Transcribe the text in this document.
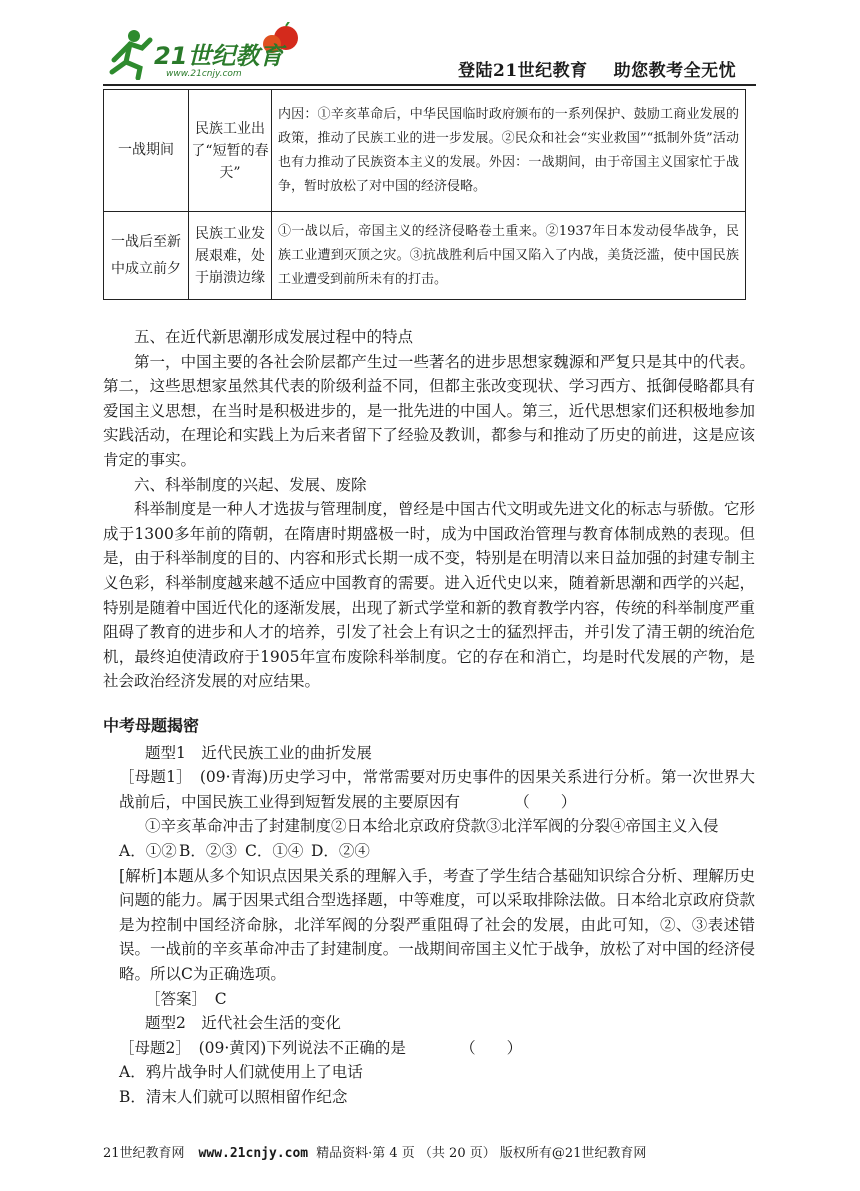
21世纪教育
www.21cnjy.com	登陆21世纪教育 助您教考全无忧
一战期间	民族工业出了“短暂的春天”	内因：①辛亥革命后，中华民国临时政府颁布的一系列保护、鼓励工商业发展的政策，推动了民族工业的进一步发展。②民众和社会“实业救国”“抵制外货”活动也有力推动了民族资本主义的发展。外因：一战期间，由于帝国主义国家忙于战争，暂时放松了对中国的经济侵略。
一战后至新中成立前夕	民族工业发展艰难，处于崩溃边缘	①一战以后，帝国主义的经济侵略卷土重来。②1937年日本发动侵华战争，民族工业遭到灭顶之灾。③抗战胜利后中国又陷入了内战，美货泛滥，使中国民族工业遭受到前所未有的打击。

五、在近代新思潮形成发展过程中的特点

第一，中国主要的各社会阶层都产生过一些著名的进步思想家魏源和严复只是其中的代表。第二，这些思想家虽然其代表的阶级利益不同，但都主张改变现状、学习西方、抵御侵略都具有爱国主义思想，在当时是积极进步的，是一批先进的中国人。第三，近代思想家们还积极地参加实践活动，在理论和实践上为后来者留下了经验及教训，都参与和推动了历史的前进，这是应该肯定的事实。

六、科举制度的兴起、发展、废除

科举制度是一种人才选拔与管理制度，曾经是中国古代文明或先进文化的标志与骄傲。它形成于1300多年前的隋朝，在隋唐时期盛极一时，成为中国政治管理与教育体制成熟的表现。但是，由于科举制度的目的、内容和形式长期一成不变，特别是在明清以来日益加强的封建专制主义色彩，科举制度越来越不适应中国教育的需要。进入近代史以来，随着新思潮和西学的兴起，特别是随着中国近代化的逐渐发展，出现了新式学堂和新的教育教学内容，传统的科举制度严重阻碍了教育的进步和人才的培养，引发了社会上有识之士的猛烈抨击，并引发了清王朝的统治危机，最终迫使清政府于1905年宣布废除科举制度。它的存在和消亡，均是时代发展的产物，是社会政治经济发展的对应结果。

中考母题揭密

题型1　近代民族工业的曲折发展

［母题1］　(09·青海)历史学习中，常常需要对历史事件的因果关系进行分析。第一次世界大战前后，中国民族工业得到短暂发展的主要原因有　　　　（　　）

①辛亥革命冲击了封建制度②日本给北京政府贷款③北洋军阀的分裂④帝国主义入侵

A．①② B．②③ C．①④ D．②④

[解析]本题从多个知识点因果关系的理解入手，考查了学生结合基础知识综合分析、理解历史问题的能力。属于因果式组合型选择题，中等难度，可以采取排除法做。日本给北京政府贷款是为控制中国经济命脉，北洋军阀的分裂严重阻碍了社会的发展，由此可知，②、③表述错误。一战前的辛亥革命冲击了封建制度。一战期间帝国主义忙于战争，放松了对中国的经济侵略。所以C为正确选项。

［答案］　C

题型2　近代社会生活的变化

［母题2］　(09·黄冈)下列说法不正确的是　　　　（　　）

A．鸦片战争时人们就使用上了电话

B．清末人们就可以照相留作纪念

21世纪教育网 www.21cnjy.com 精品资料·第 4 页 （共 20 页） 版权所有@21世纪教育网
